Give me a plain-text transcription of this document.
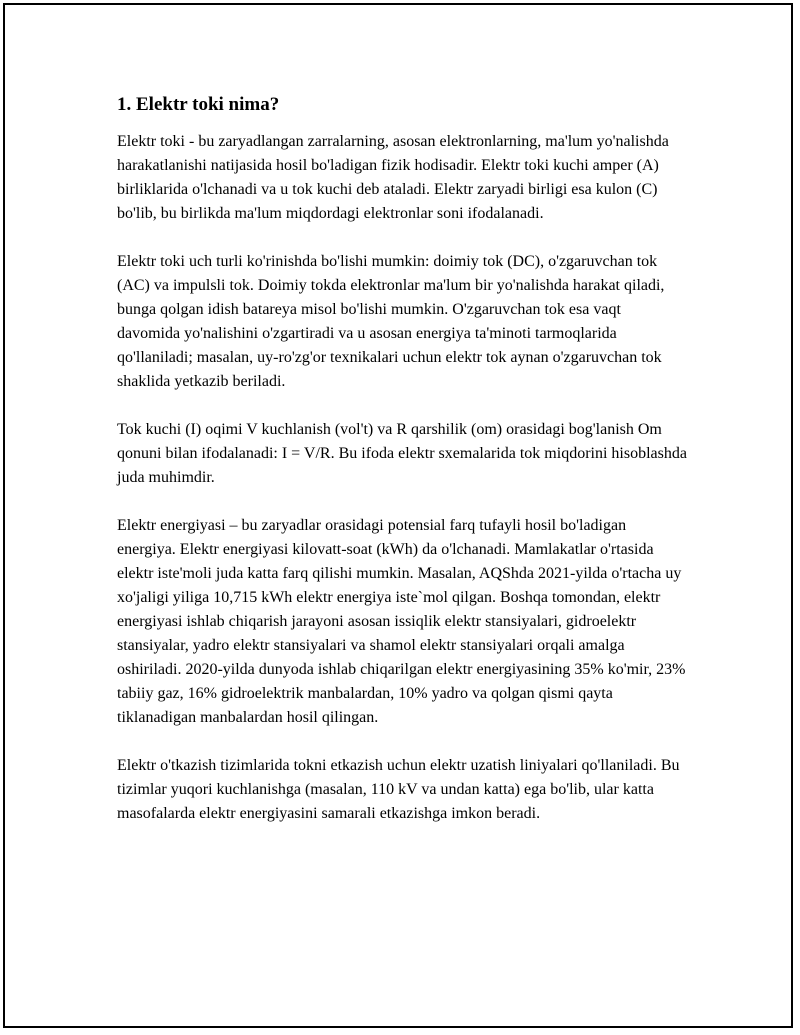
1. Elektr toki nima?

Elektr toki - bu zaryadlangan zarralarning, asosan elektronlarning, ma'lum yo'nalishda harakatlanishi natijasida hosil bo'ladigan fizik hodisadir. Elektr toki kuchi amper (A) birliklarida o'lchanadi va u tok kuchi deb ataladi. Elektr zaryadi birligi esa kulon (C) bo'lib, bu birlikda ma'lum miqdordagi elektronlar soni ifodalanadi.

Elektr toki uch turli ko'rinishda bo'lishi mumkin: doimiy tok (DC), o'zgaruvchan tok (AC) va impulsli tok. Doimiy tokda elektronlar ma'lum bir yo'nalishda harakat qiladi, bunga qolgan idish batareya misol bo'lishi mumkin. O'zgaruvchan tok esa vaqt davomida yo'nalishini o'zgartiradi va u asosan energiya ta'minoti tarmoqlarida qo'llaniladi; masalan, uy-ro'zg'or texnikalari uchun elektr tok aynan o'zgaruvchan tok shaklida yetkazib beriladi.

Tok kuchi (I) oqimi V kuchlanish (vol't) va R qarshilik (om) orasidagi bog'lanish Om qonuni bilan ifodalanadi: I = V/R. Bu ifoda elektr sxemalarida tok miqdorini hisoblashda juda muhimdir.

Elektr energiyasi – bu zaryadlar orasidagi potensial farq tufayli hosil bo'ladigan energiya. Elektr energiyasi kilovatt-soat (kWh) da o'lchanadi. Mamlakatlar o'rtasida elektr iste'moli juda katta farq qilishi mumkin. Masalan, AQShda 2021-yilda o'rtacha uy xo'jaligi yiliga 10,715 kWh elektr energiya iste`mol qilgan. Boshqa tomondan, elektr energiyasi ishlab chiqarish jarayoni asosan issiqlik elektr stansiyalari, gidroelektr stansiyalar, yadro elektr stansiyalari va shamol elektr stansiyalari orqali amalga oshiriladi. 2020-yilda dunyoda ishlab chiqarilgan elektr energiyasining 35% ko'mir, 23% tabiiy gaz, 16% gidroelektrik manbalardan, 10% yadro va qolgan qismi qayta tiklanadigan manbalardan hosil qilingan.

Elektr o'tkazish tizimlarida tokni etkazish uchun elektr uzatish liniyalari qo'llaniladi. Bu tizimlar yuqori kuchlanishga (masalan, 110 kV va undan katta) ega bo'lib, ular katta masofalarda elektr energiyasini samarali etkazishga imkon beradi.
